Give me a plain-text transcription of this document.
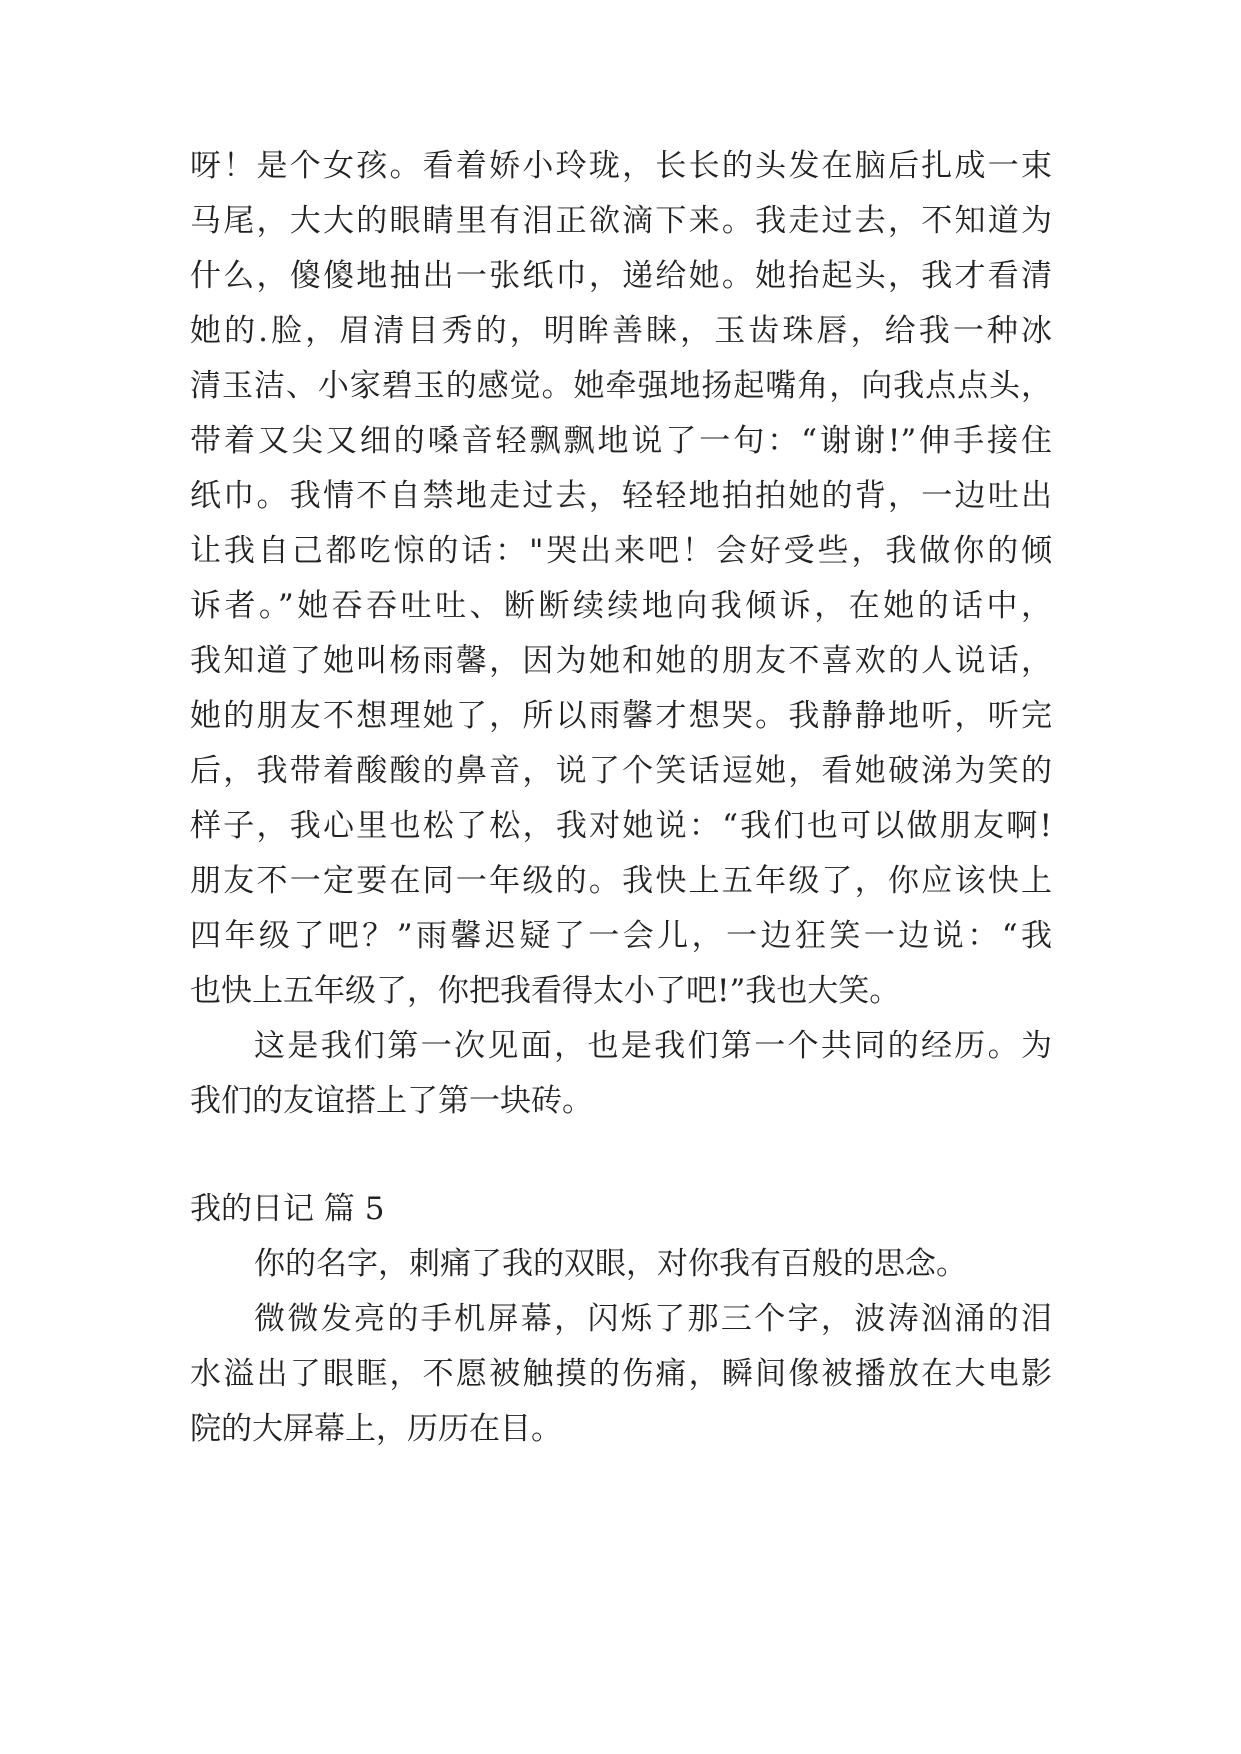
呀！是个女孩。看着娇小玲珑，长长的头发在脑后扎成一束
马尾，大大的眼睛里有泪正欲滴下来。我走过去，不知道为
什么，傻傻地抽出一张纸巾，递给她。她抬起头，我才看清
她的.脸，眉清目秀的，明眸善睐，玉齿珠唇，给我一种冰
清玉洁、小家碧玉的感觉。她牵强地扬起嘴角，向我点点头，
带着又尖又细的嗓音轻飘飘地说了一句：“谢谢!”伸手接住
纸巾。我情不自禁地走过去，轻轻地拍拍她的背，一边吐出
让我自己都吃惊的话："哭出来吧！会好受些，我做你的倾
诉者。”她吞吞吐吐、断断续续地向我倾诉，在她的话中，
我知道了她叫杨雨馨，因为她和她的朋友不喜欢的人说话，
她的朋友不想理她了，所以雨馨才想哭。我静静地听，听完
后，我带着酸酸的鼻音，说了个笑话逗她，看她破涕为笑的
样子，我心里也松了松，我对她说：“我们也可以做朋友啊!
朋友不一定要在同一年级的。我快上五年级了，你应该快上
四年级了吧？”雨馨迟疑了一会儿，一边狂笑一边说：“我
也快上五年级了，你把我看得太小了吧!”我也大笑。
这是我们第一次见面，也是我们第一个共同的经历。为
我们的友谊搭上了第一块砖。
我的日记 篇 5
你的名字，刺痛了我的双眼，对你我有百般的思念。
微微发亮的手机屏幕，闪烁了那三个字，波涛汹涌的泪
水溢出了眼眶，不愿被触摸的伤痛，瞬间像被播放在大电影
院的大屏幕上，历历在目。
